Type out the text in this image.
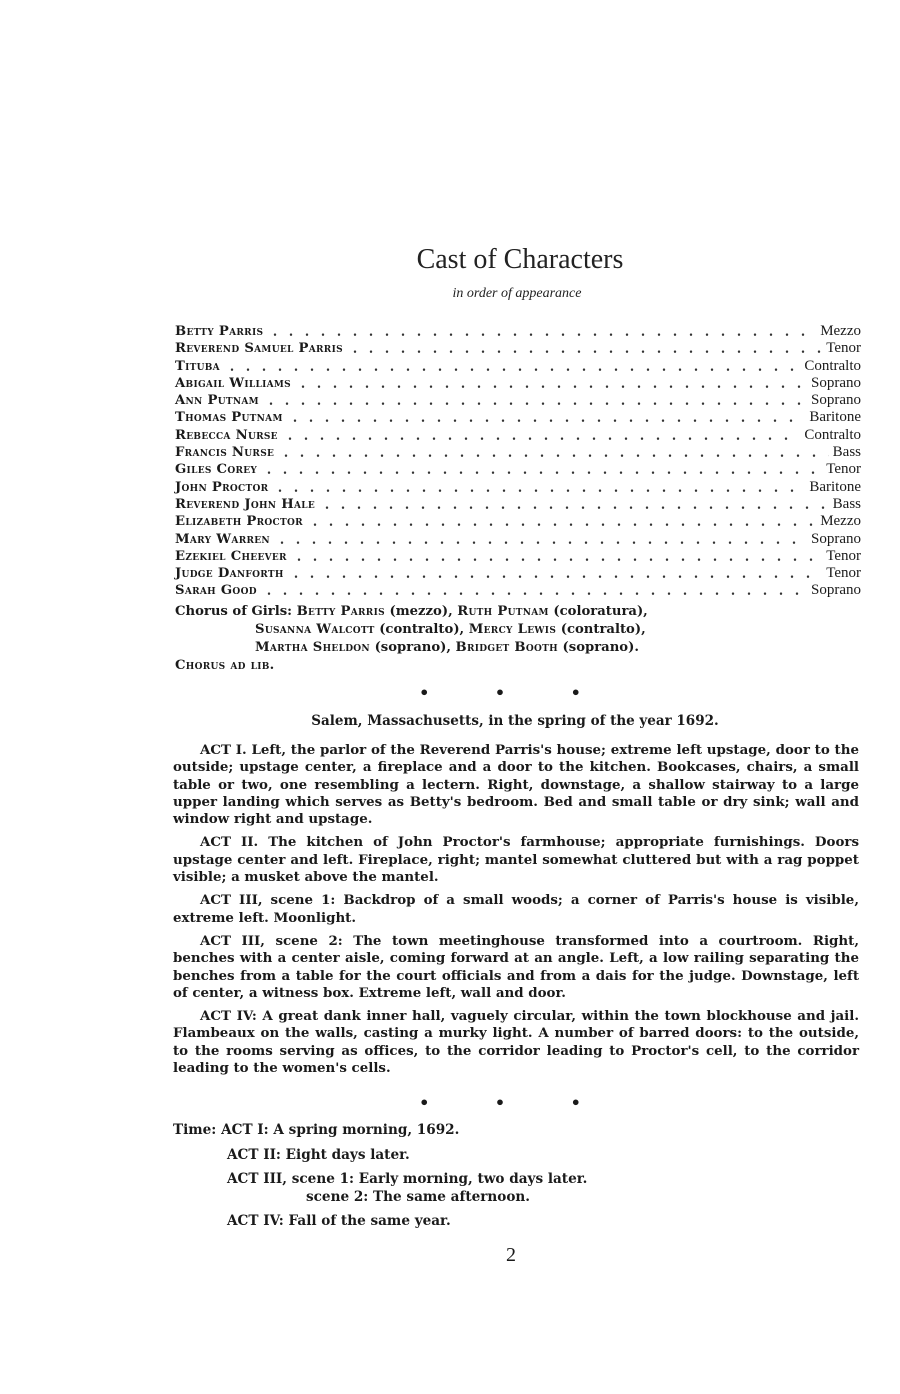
Cast of Characters
in order of appearance
Betty Parris	Mezzo
Reverend Samuel Parris	Tenor
Tituba	Contralto
Abigail Williams	Soprano
Ann Putnam	Soprano
Thomas Putnam	Baritone
Rebecca Nurse	Contralto
Francis Nurse	Bass
Giles Corey	Tenor
John Proctor	Baritone
Reverend John Hale	Bass
Elizabeth Proctor	Mezzo
Mary Warren	Soprano
Ezekiel Cheever	Tenor
Judge Danforth	Tenor
Sarah Good	Soprano
Chorus of Girls: Betty Parris (mezzo), Ruth Putnam (coloratura),
Susanna Walcott (contralto), Mercy Lewis (contralto),
Martha Sheldon (soprano), Bridget Booth (soprano).
Chorus ad lib.
• • •
Salem, Massachusetts, in the spring of the year 1692.

ACT I. Left, the parlor of the Reverend Parris's house; extreme left upstage, door to the outside; upstage center, a fireplace and a door to the kitchen. Bookcases, chairs, a small table or two, one resembling a lectern. Right, downstage, a shallow stairway to a large upper landing which serves as Betty's bedroom. Bed and small table or dry sink; wall and window right and upstage.

ACT II. The kitchen of John Proctor's farmhouse; appropriate furnishings. Doors upstage center and left. Fireplace, right; mantel somewhat cluttered but with a rag poppet visible; a musket above the mantel.

ACT III, scene 1: Backdrop of a small woods; a corner of Parris's house is visible, extreme left. Moonlight.

ACT III, scene 2: The town meetinghouse transformed into a courtroom. Right, benches with a center aisle, coming forward at an angle. Left, a low railing separating the benches from a table for the court officials and from a dais for the judge. Downstage, left of center, a witness box. Extreme left, wall and door.

ACT IV: A great dank inner hall, vaguely circular, within the town blockhouse and jail. Flambeaux on the walls, casting a murky light. A number of barred doors: to the outside, to the rooms serving as offices, to the corridor leading to Proctor's cell, to the corridor leading to the women's cells.

• • •
Time: ACT I: A spring morning, 1692.
ACT II: Eight days later.
ACT III, scene 1: Early morning, two days later.
scene 2: The same afternoon.
ACT IV: Fall of the same year.
2
